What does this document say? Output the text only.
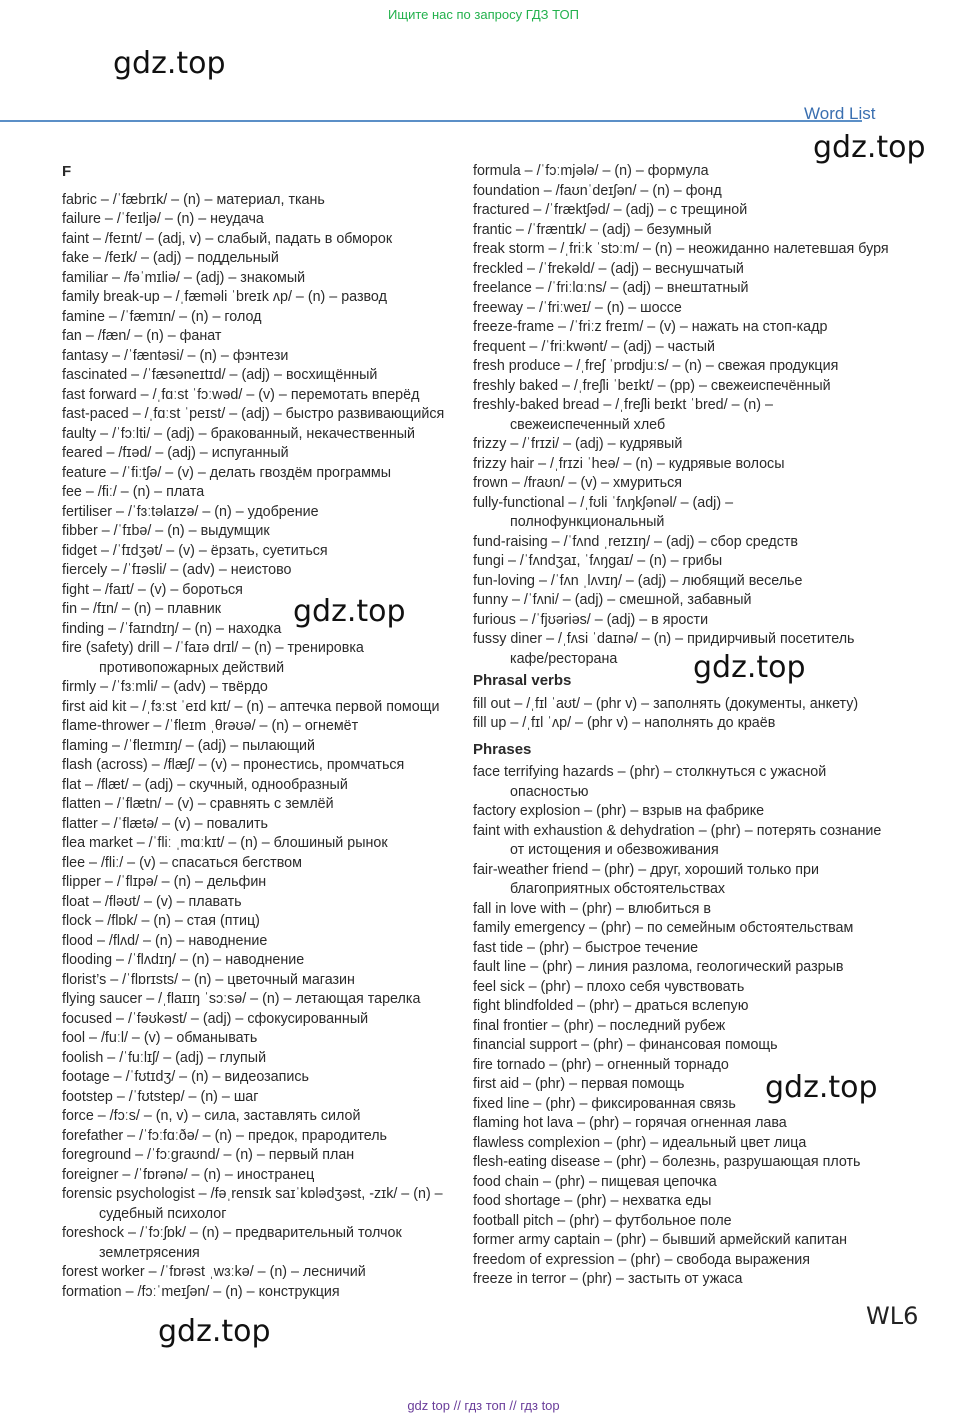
Ищите нас по запросу ГДЗ ТОП
gdz.top
gdz.top
gdz.top
gdz.top
gdz.top
gdz.top
Word List
F
fabric – /ˈfæbrɪk/ – (n) – материал, ткань
failure – /ˈfeɪljə/ – (n) – неудача
faint – /feɪnt/ – (adj, v) – слабый, падать в обморок
fake – /feɪk/ – (adj) – поддельный
familiar – /fəˈmɪliə/ – (adj) – знакомый
family break-up – /ˌfæməli ˈbreɪk ʌp/ – (n) – развод
famine – /ˈfæmɪn/ – (n) – голод
fan – /fæn/ – (n) – фанат
fantasy – /ˈfæntəsi/ – (n) – фэнтези
fascinated – /ˈfæsəneɪtɪd/ – (adj) – восхищённый
fast forward – /ˌfɑːst ˈfɔːwəd/ – (v) – перемотать вперёд
fast-paced – /ˌfɑːst ˈpeɪst/ – (adj) – быстро развивающийся
faulty – /ˈfɔːlti/ – (adj) – бракованный, некачественный
feared – /fɪəd/ – (adj) – испуганный
feature – /ˈfiːtʃə/ – (v) – делать гвоздём программы
fee – /fiː/ – (n) – плата
fertiliser – /ˈfɜːtəlaɪzə/ – (n) – удобрение
fibber – /ˈfɪbə/ – (n) – выдумщик
fidget – /ˈfɪdʒət/ – (v) – ёрзать, суетиться
fiercely – /ˈfɪəsli/ – (adv) – неистово
fight – /faɪt/ – (v) – бороться
fin – /fɪn/ – (n) – плавник
finding – /ˈfaɪndɪŋ/ – (n) – находка
fire (safety) drill – /ˈfaɪə drɪl/ – (n) – тренировка
противопожарных действий
firmly – /ˈfɜːmli/ – (adv) – твёрдо
first aid kit – /ˌfɜːst ˈeɪd kɪt/ – (n) – аптечка первой помощи
flame-thrower – /ˈfleɪm ˌθrəʊə/ – (n) – огнемёт
flaming – /ˈfleɪmɪŋ/ – (adj) – пылающий
flash (across) – /flæʃ/ – (v) – пронестись, промчаться
flat – /flæt/ – (adj) – скучный, однообразный
flatten – /ˈflætn/ – (v) – сравнять с землёй
flatter – /ˈflætə/ – (v) – повалить
flea market – /ˈfliː ˌmɑːkɪt/ – (n) – блошиный рынок
flee – /fliː/ – (v) – спасаться бегством
flipper – /ˈflɪpə/ – (n) – дельфин
float – /fləʊt/ – (v) – плавать
flock – /flɒk/ – (n) – стая (птиц)
flood – /flʌd/ – (n) – наводнение
flooding – /ˈflʌdɪŋ/ – (n) – наводнение
florist’s – /ˈflɒrɪsts/ – (n) – цветочный магазин
flying saucer – /ˌflaɪɪŋ ˈsɔːsə/ – (n) – летающая тарелка
focused – /ˈfəʊkəst/ – (adj) – сфокусированный
fool – /fuːl/ – (v) – обманывать
foolish – /ˈfuːlɪʃ/ – (adj) – глупый
footage – /ˈfʊtɪdʒ/ – (n) – видеозапись
footstep – /ˈfʊtstep/ – (n) – шаг
force – /fɔːs/ – (n, v) – сила, заставлять силой
forefather – /ˈfɔːfɑːðə/ – (n) – предок, прародитель
foreground – /ˈfɔːgraʊnd/ – (n) – первый план
foreigner – /ˈfɒrənə/ – (n) – иностранец
forensic psychologist – /fəˌrensɪk saɪˈkɒlədʒəst, -zɪk/ – (n) –
судебный психолог
foreshock – /ˈfɔːʃɒk/ – (n) – предварительный толчок
землетрясения
forest worker – /ˈfɒrəst ˌwɜːkə/ – (n) – лесничий
formation – /fɔːˈmeɪʃən/ – (n) – конструкция
formula – /ˈfɔːmjələ/ – (n) – формула
foundation – /faʊnˈdeɪʃən/ – (n) – фонд
fractured – /ˈfræktʃəd/ – (adj) – с трещиной
frantic – /ˈfræntɪk/ – (adj) – безумный
freak storm – /ˌfriːk ˈstɔːm/ – (n) – неожиданно налетевшая буря
freckled – /ˈfrekəld/ – (adj) – веснушчатый
freelance – /ˈfriːlɑːns/ – (adj) – внештатный
freeway – /ˈfriːweɪ/ – (n) – шоссе
freeze-frame – /ˈfriːz freɪm/ – (v) – нажать на стоп-кадр
frequent – /ˈfriːkwənt/ – (adj) – частый
fresh produce – /ˌfreʃ ˈprɒdjuːs/ – (n) – свежая продукция
freshly baked – /ˌfreʃli ˈbeɪkt/ – (pp) – свежеиспечённый
freshly-baked bread – /ˌfreʃli beɪkt ˈbred/ – (n) –
свежеиспеченный хлеб
frizzy – /ˈfrɪzi/ – (adj) – кудрявый
frizzy hair – /ˌfrɪzi ˈheə/ – (n) – кудрявые волосы
frown – /fraʊn/ – (v) – хмуриться
fully-functional – /ˌfʊli ˈfʌŋkʃənəl/ – (adj) –
полнофункциональный
fund-raising – /ˈfʌnd ˌreɪzɪŋ/ – (adj) – сбор средств
fungi – /ˈfʌndʒaɪ, ˈfʌŋgaɪ/ – (n) – грибы
fun-loving – /ˈfʌn ˌlʌvɪŋ/ – (adj) – любящий веселье
funny – /ˈfʌni/ – (adj) – смешной, забавный
furious – /ˈfjʊəriəs/ – (adj) – в ярости
fussy diner – /ˌfʌsi ˈdaɪnə/ – (n) – придирчивый посетитель
кафе/ресторана
Phrasal verbs
fill out – /ˌfɪl ˈaʊt/ – (phr v) – заполнять (документы, анкету)
fill up – /ˌfɪl ˈʌp/ – (phr v) – наполнять до краёв
Phrases
face terrifying hazards – (phr) – столкнуться с ужасной
опасностью
factory explosion – (phr) – взрыв на фабрике
faint with exhaustion & dehydration – (phr) – потерять сознание
от истощения и обезвоживания
fair-weather friend – (phr) – друг, хороший только при
благоприятных обстоятельствах
fall in love with – (phr) – влюбиться в
family emergency – (phr) – по семейным обстоятельствам
fast tide – (phr) – быстрое течение
fault line – (phr) – линия разлома, геологический разрыв
feel sick – (phr) – плохо себя чувствовать
fight blindfolded – (phr) – драться вслепую
final frontier – (phr) – последний рубеж
financial support – (phr) – финансовая помощь
fire tornado – (phr) – огненный торнадо
first aid – (phr) – первая помощь
fixed line – (phr) – фиксированная связь
flaming hot lava – (phr) – горячая огненная лава
flawless complexion – (phr) – идеальный цвет лица
flesh-eating disease – (phr) – болезнь, разрушающая плоть
food chain – (phr) – пищевая цепочка
food shortage – (phr) – нехватка еды
football pitch – (phr) – футбольное поле
former army captain – (phr) – бывший армейский капитан
freedom of expression – (phr) – свобода выражения
freeze in terror – (phr) – застыть от ужаса
WL6
gdz top // гдз топ // гдз top
